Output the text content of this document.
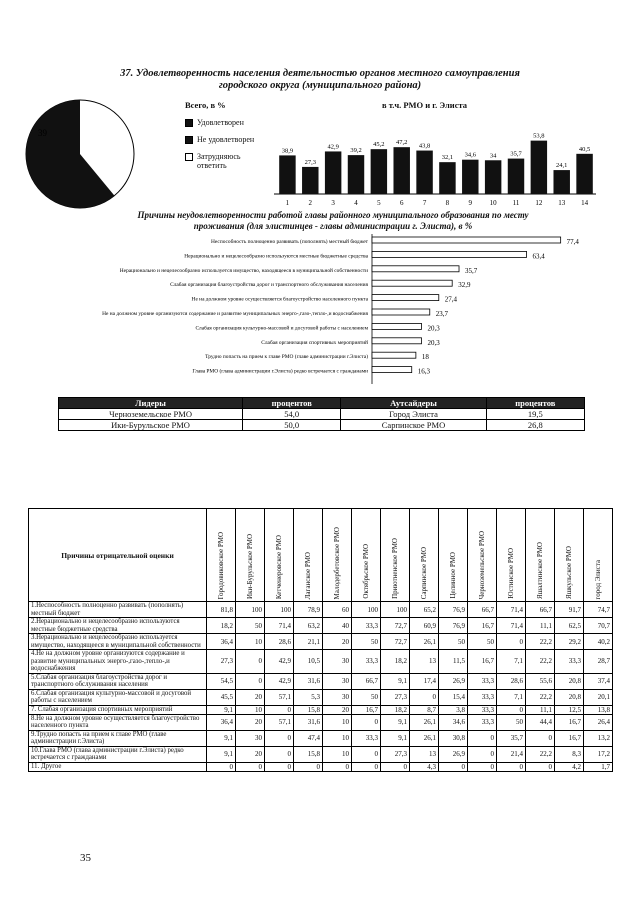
37. Удовлетворенность населения деятельностью органов местного самоуправления городского округа (муниципального района)
39
Всего, в %
Удовлетворен
Не удовлетворен
Затрудняюсь ответить
в т.ч. РМО и г. Элиста
38,9
1
27,3
2
42,9
3
39,2
4
45,2
5
47,2
6
43,8
7
32,1
8
34,6
9
34
10
35,7
11
53,8
12
24,1
13
40,5
14
Причины неудовлетворенности работой главы районного муниципального образования по месту проживания (для элистинцев - главы администрации г. Элиста), в %
77,4
Неспособность полноценно развивать (пополнять) местный бюджет
63,4
Нерационально и нецелесообразно используются местные бюджетные средства
35,7
Нерационально и нецелесообразно используется имущество, находящееся в муниципальной собственности
32,9
Слабая организация благоустройства дорог и транспортного обслуживания населения
27,4
Не на должном уровне осуществляется благоустройство населенного пункта
23,7
Не на должном уровне организуются содержание и развитие муниципальных энерго-,газо-,тепло-,и водоснабжения
20,3
Слабая организация культурно-массовой и досуговой работы с населением
20,3
Слабая организация спортивных мероприятий
18
Трудно попасть на прием к главе РМО (главе администрации г.Элиста)
16,3
Глава РМО (глава администрации г.Элиста) редко встречается с гражданами
Лидеры	процентов	Аутсайдеры	процентов
Черноземельское РМО	54,0	Город Элиста	19,5
Ики-Бурульское РМО	50,0	Сарпинское РМО	26,8
Причины отрицательной оценки	Городовиковское РМО	Ики-Бурульское РМО	Кетченеровское РМО	Лаганское РМО	Малодербетовское РМО	Октябрьское РМО	Приютненское РМО	Сарпинское РМО	Целинное РМО	Черноземельское РМО	Юстинское РМО	Яшалтинское РМО	Яшкульское РМО	город Элиста

1.Неспособность полноценно развивать (пополнять) местный бюджет	81,8	100	100	78,9	60	100	100	65,2	76,9	66,7	71,4	66,7	91,7	74,7
2.Нерационально и нецелесообразно используются местные бюджетные средства	18,2	50	71,4	63,2	40	33,3	72,7	60,9	76,9	16,7	71,4	11,1	62,5	70,7
3.Нерационально и нецелесообразно используется имущество, находящееся в муниципальной собственности	36,4	10	28,6	21,1	20	50	72,7	26,1	50	50	0	22,2	29,2	40,2
4.Не на должном уровне организуются содержание и развитие муниципальных энерго-,газо-,тепло-,и водоснабжения	27,3	0	42,9	10,5	30	33,3	18,2	13	11,5	16,7	7,1	22,2	33,3	28,7
5.Слабая организация благоустройства дорог и транспортного обслуживания населения	54,5	0	42,9	31,6	30	66,7	9,1	17,4	26,9	33,3	28,6	55,6	20,8	37,4
6.Слабая организация культурно-массовой и досуговой работы с населением	45,5	20	57,1	5,3	30	50	27,3	0	15,4	33,3	7,1	22,2	20,8	20,1
7. Слабая организация спортивных мероприятий	9,1	10	0	15,8	20	16,7	18,2	8,7	3,8	33,3	0	11,1	12,5	13,8
8.Не на должном уровне осуществляется благоустройство населенного пункта	36,4	20	57,1	31,6	10	0	9,1	26,1	34,6	33,3	50	44,4	16,7	26,4
9.Трудно попасть на прием к главе РМО (главе администрации г.Элиста)	9,1	30	0	47,4	10	33,3	9,1	26,1	30,8	0	35,7	0	16,7	13,2
10.Глава РМО (глава администрации г.Элиста) редко встречается с гражданами	9,1	20	0	15,8	10	0	27,3	13	26,9	0	21,4	22,2	8,3	17,2
11. Другое	0	0	0	0	0	0	0	4,3	0	0	0	0	4,2	1,7
35
